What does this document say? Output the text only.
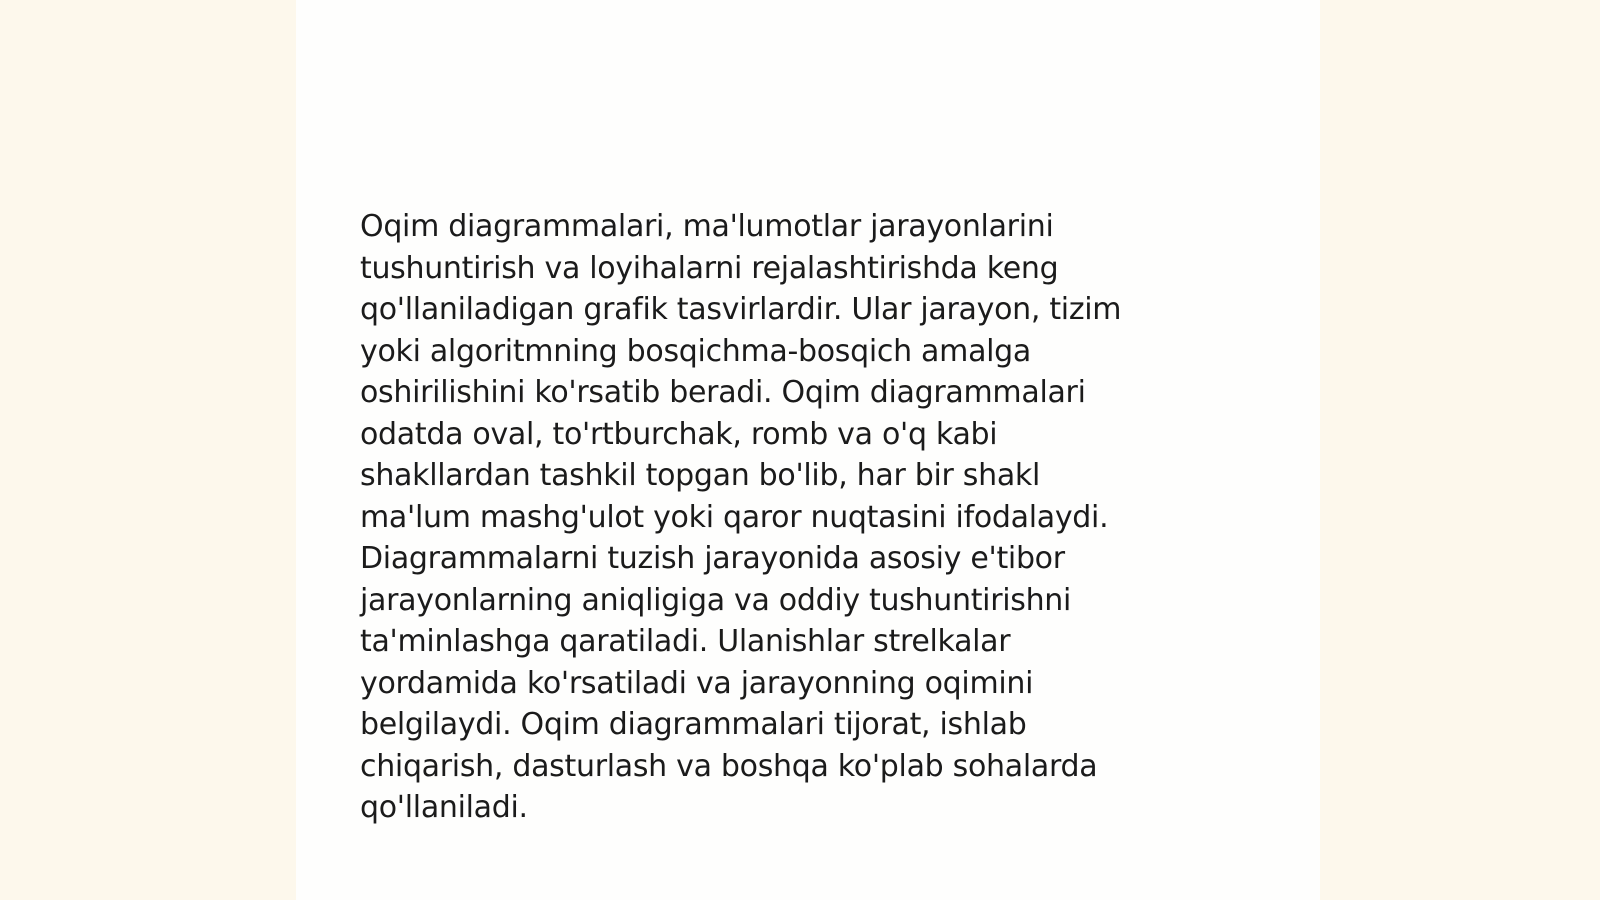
Oqim diagrammalari, ma'lumotlar jarayonlarini
tushuntirish va loyihalarni rejalashtirishda keng
qo'llaniladigan grafik tasvirlardir. Ular jarayon, tizim
yoki algoritmning bosqichma-bosqich amalga
oshirilishini ko'rsatib beradi. Oqim diagrammalari
odatda oval, to'rtburchak, romb va o'q kabi
shakllardan tashkil topgan bo'lib, har bir shakl
ma'lum mashg'ulot yoki qaror nuqtasini ifodalaydi.
Diagrammalarni tuzish jarayonida asosiy e'tibor
jarayonlarning aniqligiga va oddiy tushuntirishni
ta'minlashga qaratiladi. Ulanishlar strelkalar
yordamida ko'rsatiladi va jarayonning oqimini
belgilaydi. Oqim diagrammalari tijorat, ishlab
chiqarish, dasturlash va boshqa ko'plab sohalarda
qo'llaniladi.
